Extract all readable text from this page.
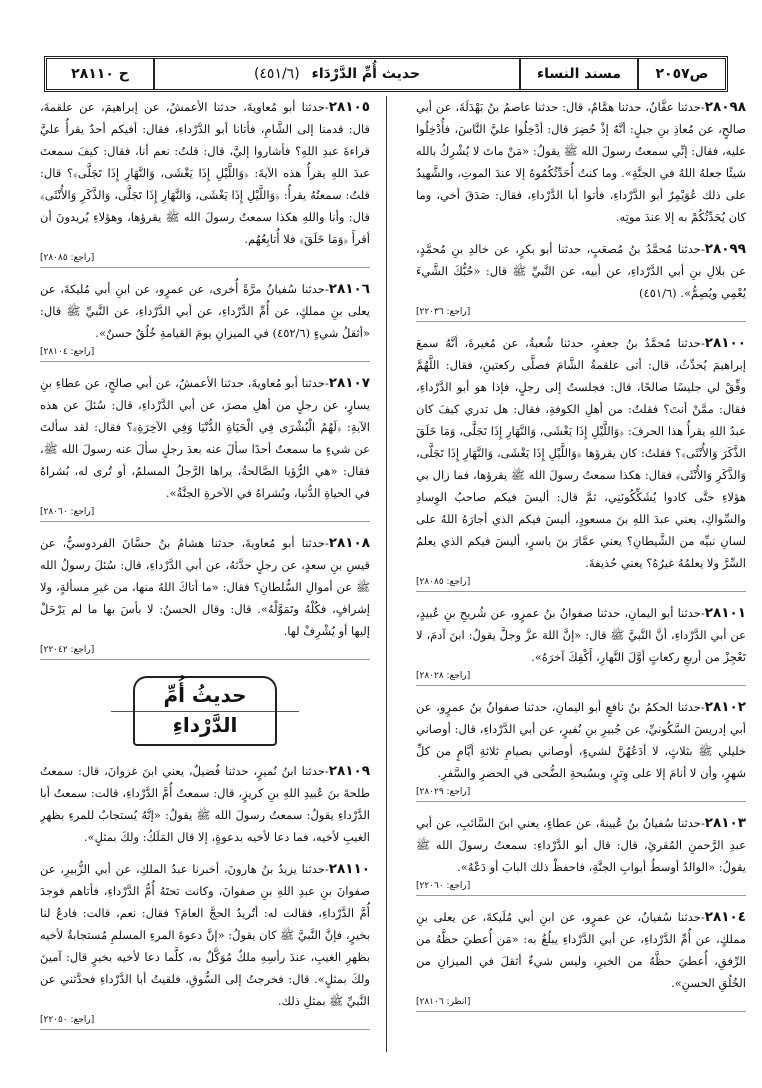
ص٢٠٥٧
مسند النساء
حديث أُمِّ الدَّرْدَاء
(٤٥١/٦)
ح ٢٨١١٠

٢٨٠٩٨-حدثنا عفَّانُ، حدثنا همَّامٌ، قال: حدثنا عاصمُ بنُ بَهْدَلَةَ، عن أبي صالحٍ، عن مُعاذِ بنِ جبلٍ: أنَّهُ إذْ حُضِرَ قال: أدْخِلُوا عليَّ النَّاسَ، فأُدْخِلُوا عليه، فقال: إنِّي سمعتُ رسولَ الله ﷺ يقولُ: «مَنْ ماتَ لا يُشْرِكُ بالله شيئًا جعلهُ اللهُ في الجنَّةِ». وما كنتُ أُحَدِّثُكُمُوهُ إلا عندَ الموتِ، والشَّهيدُ على ذلك عُوَيْمِرٌ أبو الدَّرْداءِ، فأتوا أبا الدَّرْداءِ، فقال: صَدَقَ أخي، وما كان يُحَدِّثُكُمْ به إلا عندَ موتِه.

٢٨٠٩٩-حدثنا مُحمَّدُ بنُ مُصعَبٍ، حدثنا أبو بكرٍ، عن خالدِ بنِ مُحمَّدٍ، عن بلالِ بنِ أبي الدَّرْداءِ، عن أبيه، عن النَّبيِّ ﷺ قال: «حُبُّكَ الشَّيءَ يُعْمِي ويُصِمُّ». (٤٥١/٦)

[راجع: ٢٢٠٣٦]

٢٨١٠٠-حدثنا مُحمَّدُ بنُ جعفرٍ، حدثنا شُعبةُ، عن مُغيرةَ، أنَّهُ سمعَ إبراهيمَ يُحدِّثُ، قال: أتى علقمةُ الشَّامَ فصلَّى ركعتينِ، فقال: اللَّهُمَّ وفِّقْ لي جليسًا صالحًا، قال: فجلستُ إلى رجلٍ، فإذا هو أبو الدَّرْداءِ، فقال: ممَّنْ أنتَ؟ فقلتُ: من أهلِ الكوفةِ، فقال: هل تدري كيفَ كان عبدُ اللهِ يقرأُ هذا الحرفَ: ﴿وَاللَّيْلِ إِذَا يَغْشَى، وَالنَّهَارِ إِذَا تَجَلَّى، وَمَا خَلَقَ الذَّكَرَ وَالأُنْثَى﴾؟ فقلتُ: كان يقرؤها ﴿وَاللَّيْلِ إِذَا يَغْشَى، وَالنَّهَارِ إِذَا تَجَلَّى، وَالذَّكَرِ وَالأُنْثَى﴾ فقال: هكذا سمعتُ رسولَ الله ﷺ يقرؤها، فما زال بي هؤلاءِ حتَّى كادوا يُشَكِّكُونَنِي، ثمَّ قال: أليسَ فيكم صاحبُ الوِسادِ والسِّواكِ، يعني عبدَ اللهِ بنَ مسعودٍ، أليسَ فيكم الذي أجارَهُ اللهُ على لسانِ نبيِّه من الشَّيطانِ؟ يعني عمَّارَ بنَ ياسرٍ، أليسَ فيكم الذي يعلمُ السِّرَّ ولا يعلمُهُ غيرُهُ؟ يعني حُذيفةَ.

[راجع: ٢٨٠٨٥]

٢٨١٠١-حدثنا أبو اليمانِ، حدثنا صفوانُ بنُ عمرٍو، عن شُريحِ بنِ عُبيدٍ، عن أبي الدَّرْداءِ، أنَّ النَّبيَّ ﷺ قال: «إنَّ اللهَ عزَّ وجلَّ يقولُ: ابنَ آدمَ، لا تَعْجِزْ من أربعِ ركعاتٍ أوَّلَ النَّهارِ، أَكْفِكَ آخرَهُ».

[راجع: ٢٨٠٢٨]

٢٨١٠٢-حدثنا الحكمُ بنُ نافعٍ أبو اليمانِ، حدثنا صفوانُ بنُ عمرٍو، عن أبي إدريسَ السَّكُونيِّ، عن جُبيرِ بنِ نُفيرٍ، عن أبي الدَّرْداءِ، قال: أوصاني خليلي ﷺ بثلاثٍ، لا أدَعُهُنَّ لشيءٍ، أوصاني بصيامِ ثلاثةِ أيَّامٍ من كلِّ شهرٍ، وأن لا أنامَ إلا على وِترٍ، وبسُبحةِ الضُّحى في الحضرِ والسَّفرِ.

[راجع: ٢٨٠٢٩]

٢٨١٠٣-حدثنا سُفيانُ بنُ عُيينةَ، عن عطاءٍ، يعني ابنَ السَّائبِ، عن أبي عبدِ الرَّحمنِ المُقرئِ، قال: قال أبو الدَّرْداءِ: سمعتُ رسولَ الله ﷺ يقولُ: «الوالدُ أوسطُ أبوابِ الجنَّةِ، فاحفظْ ذلك البابَ أو دَعْهُ».

[راجع: ٢٢٠٦٠]

٢٨١٠٤-حدثنا سُفيانُ، عن عمرٍو، عن ابنِ أبي مُلَيكةَ، عن يعلى بنِ مملكٍ، عن أُمِّ الدَّرْداءِ، عن أبي الدَّرْداءِ يبلُغُ به: «مَن أُعطيَ حظَّهُ من الرِّفقِ، أُعطيَ حظَّهُ من الخيرِ، وليس شيءٌ أثقلَ في الميزانِ من الخُلُقِ الحسنِ».

[انظر: ٢٨١٠٦]

٢٨١٠٥-حدثنا أبو مُعاويةَ، حدثنا الأعمشُ، عن إبراهيمَ، عن علقمةَ، قال: قدمنا إلى الشَّامِ، فأتانا أبو الدَّرْداءِ، فقال: أفيكم أحدٌ يقرأُ عليَّ قراءةَ عبدِ اللهِ؟ فأشاروا إليَّ، قال: قلتُ: نعم أنا، فقال: كيفَ سمعتَ عبدَ اللهِ يقرأُ هذه الآيةَ: ﴿وَاللَّيْلِ إِذَا يَغْشَى، وَالنَّهَارِ إِذَا تَجَلَّى﴾؟ قال: قلتُ: سمعتُهُ يقرأُ: ﴿وَاللَّيْلِ إِذَا يَغْشَى، وَالنَّهَارِ إِذَا تَجَلَّى، وَالذَّكَرِ وَالأُنْثَى﴾ قال: وأنا واللهِ هكذا سمعتُ رسولَ الله ﷺ يقرؤها، وهؤلاءِ يُريدونَ أن أقرأَ ﴿وَمَا خَلَقَ﴾ فلا أُتابِعُهُم.

[راجع: ٢٨٠٨٥]

٢٨١٠٦-حدثنا سُفيانُ مرَّةً أُخرى، عن عمرٍو، عن ابنِ أبي مُليكةَ، عن يعلى بنِ مملكٍ، عن أُمِّ الدَّرْداءِ، عن أبي الدَّرْداءِ، عن النَّبيِّ ﷺ قال: «أثقلُ شيءٍ (٤٥٢/٦) في الميزانِ يومَ القيامةِ خُلُقٌ حسنٌ».

[راجع: ٢٨١٠٤]

٢٨١٠٧-حدثنا أبو مُعاويةَ، حدثنا الأعمشُ، عن أبي صالحٍ، عن عطاءِ بنِ يسارٍ، عن رجلٍ من أهلِ مصرَ، عن أبي الدَّرْداءِ، قال: سُئلَ عن هذه الآيةِ: ﴿لَهُمُ الْبُشْرَى فِي الْحَيَاةِ الدُّنْيَا وَفِي الآخِرَةِ﴾؟ فقال: لقد سألتَ عن شيءٍ ما سمعتُ أحدًا سألَ عنه بعدَ رجلٍ سألَ عنه رسولَ الله ﷺ، فقال: «هي الرُّؤيا الصَّالحةُ، يراها الرَّجلُ المسلمُ، أو تُرى له، بُشراهُ في الحياةِ الدُّنيا، وبُشراهُ في الآخرةِ الجنَّةُ».

[راجع: ٢٨٠٦٠]

٢٨١٠٨-حدثنا أبو مُعاويةَ، حدثنا هشامُ بنُ حسَّانَ الفردوسيُّ، عن قيسِ بنِ سعدٍ، عن رجلٍ حدَّثهُ، عن أبي الدَّرْداءِ، قال: سُئلَ رسولُ الله ﷺ عن أموالِ السُّلطانِ؟ فقال: «ما أتاكَ اللهُ منها، من غيرِ مسألةٍ، ولا إشرافٍ، فكُلْهُ وتَمَوَّلْهُ». قال: وقال الحسنُ: لا بأسَ بها ما لم يَرْحَلْ إليها أو يُشْرِفْ لها.

[راجع: ٢٢٠٤٢]
حديثُ أُمِّ الدَّرْداءِ

٢٨١٠٩-حدثنا ابنُ نُميرٍ، حدثنا فُضيلٌ، يعني ابنَ غزوانَ، قال: سمعتُ طلحةَ بنَ عُبيدِ اللهِ بنِ كريزٍ، قال: سمعتُ أُمَّ الدَّرْداءِ، قالت: سمعتُ أبا الدَّرْداءِ يقولُ: سمعتُ رسولَ الله ﷺ يقولُ: «إنَّهُ يُستجابُ للمرءِ بظهرِ الغيبِ لأخيه، فما دعا لأخيه بدعوةٍ، إلا قال المَلَكُ: ولكَ بمثلٍ».

٢٨١١٠-حدثنا يزيدُ بنُ هارونَ، أخبرنا عبدُ الملكِ، عن أبي الزُّبيرِ، عن صفوانَ بنِ عبدِ اللهِ بنِ صفوانَ، وكانت تحتَهُ أُمُّ الدَّرْداءِ، فأتاهم فوجدَ أُمَّ الدَّرْداءِ، فقالت له: أتُريدُ الحجَّ العامَ؟ فقال: نعم، قالت: فادعُ لنا بخيرٍ، فإنَّ النَّبيَّ ﷺ كان يقولُ: «إنَّ دعوةَ المرءِ المسلمِ مُستجابةٌ لأخيه بظهرِ الغيبِ، عندَ رأسِهِ ملكٌ مُوَكَّلٌ به، كلَّما دعا لأخيه بخيرٍ قال: آمينَ ولكَ بمثلٍ». قال: فخرجتُ إلى السُّوقِ، فلقيتُ أبا الدَّرْداءِ فحدَّثني عن النَّبيِّ ﷺ بمثلِ ذلك.

[راجع: ٢٢٠٥٠]
